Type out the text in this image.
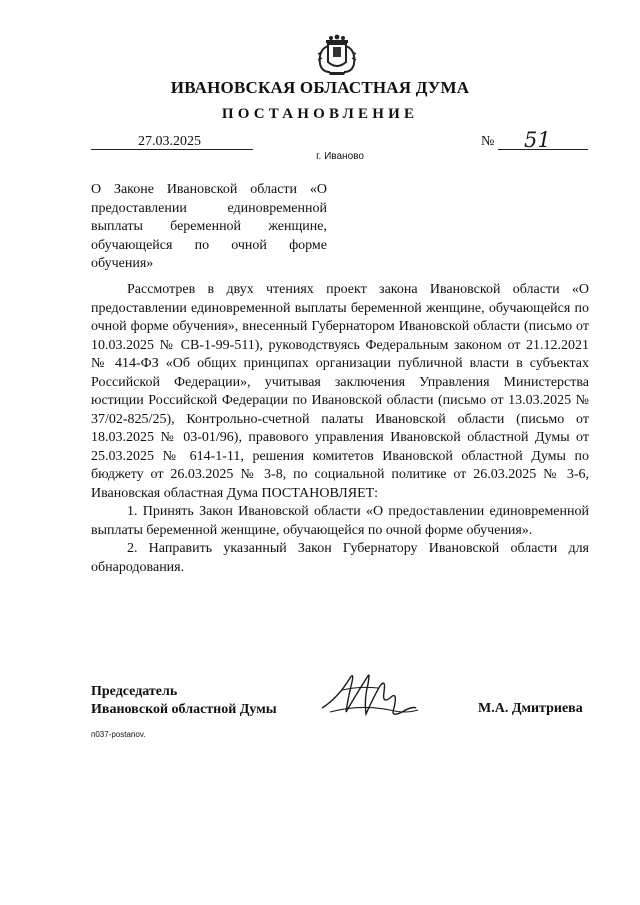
ИВАНОВСКАЯ ОБЛАСТНАЯ ДУМА
ПОСТАНОВЛЕНИЕ
27.03.2025	№ 51
г. Иваново
О Законе Ивановской области «О предоставлении единовременной выплаты беременной женщине, обучающейся по очной форме обучения»

Рассмотрев в двух чтениях проект закона Ивановской области «О предоставлении единовременной выплаты беременной женщине, обучающейся по очной форме обучения», внесенный Губернатором Ивановской области (письмо от 10.03.2025 № СВ-1-99-511), руководствуясь Федеральным законом от 21.12.2021 № 414-ФЗ «Об общих принципах организации публичной власти в субъектах Российской Федерации», учитывая заключения Управления Министерства юстиции Российской Федерации по Ивановской области (письмо от 13.03.2025 № 37/02-825/25), Контрольно-счетной палаты Ивановской области (письмо от 18.03.2025 № 03-01/96), правового управления Ивановской областной Думы от 25.03.2025 № 614-1-11, решения комитетов Ивановской областной Думы по бюджету от 26.03.2025 № 3-8, по социальной политике от 26.03.2025 № 3-6, Ивановская областная Дума ПОСТАНОВЛЯЕТ:

1. Принять Закон Ивановской области «О предоставлении единовременной выплаты беременной женщине, обучающейся по очной форме обучения».

2. Направить указанный Закон Губернатору Ивановской области для обнародования.

Председатель
Ивановской областной Думы	М.А. Дмитриева
п037-postanov.
